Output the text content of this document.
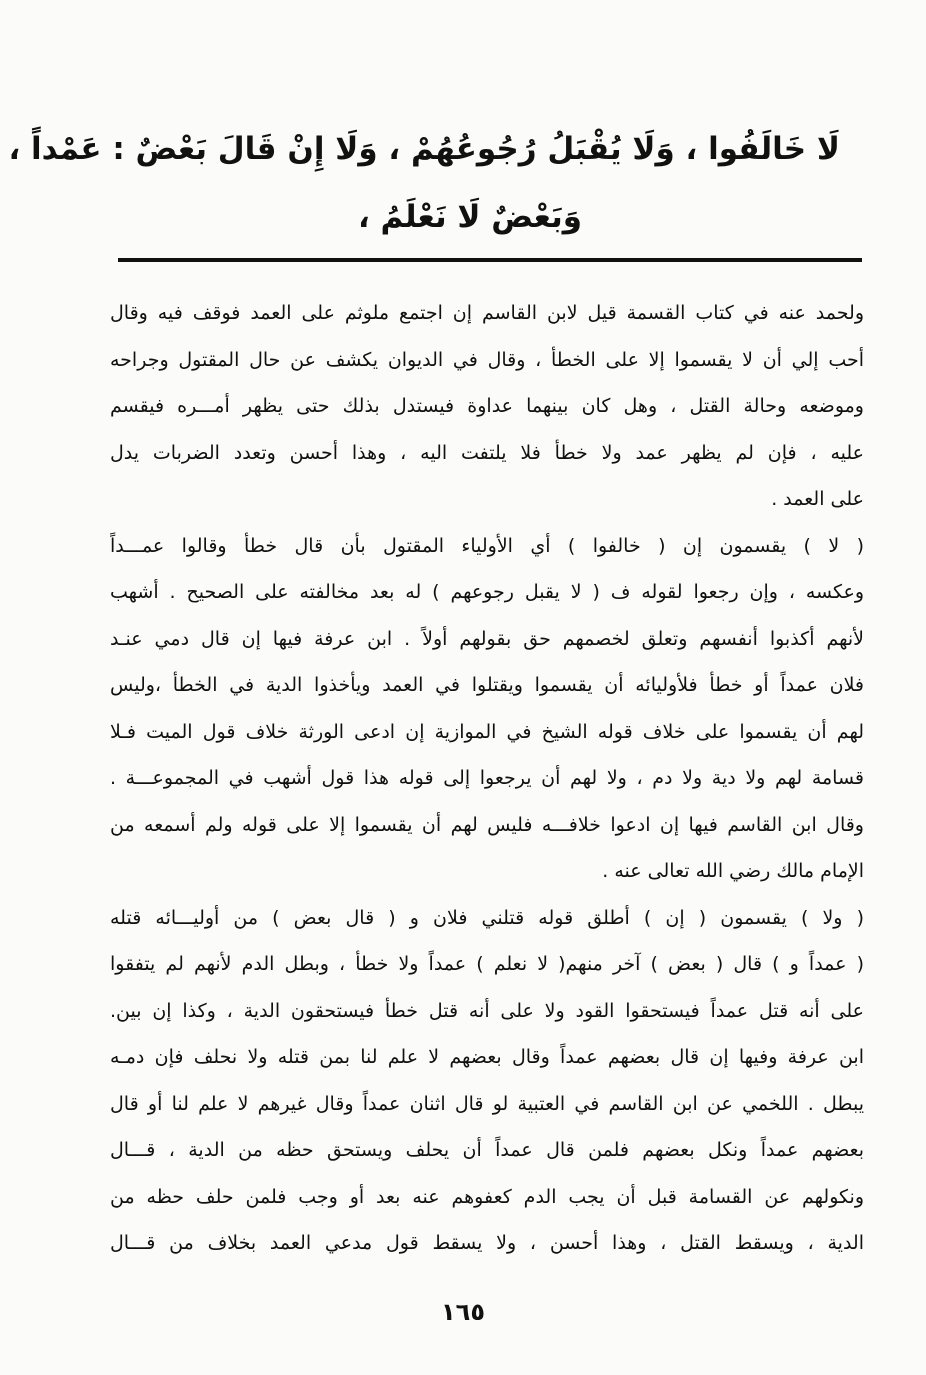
لَا خَالَفُوا ، وَلَا يُقْبَلُ رُجُوعُهُمْ ، وَلَا إِنْ قَالَ بَعْضٌ : عَمْداً ،
وَبَعْضٌ لَا نَعْلَمُ ،
ولحمد عنه في كتاب القسمة قيل لابن القاسم إن اجتمع ملوثم على العمد فوقف فيه وقال
أحب إلي أن لا يقسموا إلا على الخطأ ، وقال في الديوان يكشف عن حال المقتول وجراحه
وموضعه وحالة القتل ، وهل كان بينهما عداوة فيستدل بذلك حتى يظهر أمـــره فيقسم
عليه ، فإن لم يظهر عمد ولا خطأ فلا يلتفت اليه ، وهذا أحسن وتعدد الضربات يدل
على العمد .
( لا ) يقسمون إن ( خالفوا ) أي الأولياء المقتول بأن قال خطأ وقالوا عمـــداً
وعكسه ، وإن رجعوا لقوله ف ( لا يقبل رجوعهم ) له بعد مخالفته على الصحيح . أشهب
لأنهم أكذبوا أنفسهم وتعلق لخصمهم حق بقولهم أولاً . ابن عرفة فيها إن قال دمي عنـد
فلان عمداً أو خطأ فلأوليائه أن يقسموا ويقتلوا في العمد ويأخذوا الدية في الخطأ ،وليس
لهم أن يقسموا على خلاف قوله الشيخ في الموازية إن ادعى الورثة خلاف قول الميت فـلا
قسامة لهم ولا دية ولا دم ، ولا لهم أن يرجعوا إلى قوله هذا قول أشهب في المجموعـــة .
وقال ابن القاسم فيها إن ادعوا خلافـــه فليس لهم أن يقسموا إلا على قوله ولم أسمعه من
الإمام مالك رضي الله تعالى عنه .
( ولا ) يقسمون ( إن ) أطلق قوله قتلني فلان و ( قال بعض ) من أوليـــائه قتله
( عمداً و ) قال ( بعض ) آخر منهم( لا نعلم ) عمداً ولا خطأ ، وبطل الدم لأنهم لم يتفقوا
على أنه قتل عمداً فيستحقوا القود ولا على أنه قتل خطأ فيستحقون الدية ، وكذا إن بين.
ابن عرفة وفيها إن قال بعضهم عمداً وقال بعضهم لا علم لنا بمن قتله ولا نحلف فإن دمـه
يبطل . اللخمي عن ابن القاسم في العتبية لو قال اثنان عمداً وقال غيرهم لا علم لنا أو قال
بعضهم عمداً ونكل بعضهم فلمن قال عمداً أن يحلف ويستحق حظه من الدية ، قـــال
ونكولهم عن القسامة قبل أن يجب الدم كعفوهم عنه بعد أو وجب فلمن حلف حظه من
الدية ، ويسقط القتل ، وهذا أحسن ، ولا يسقط قول مدعي العمد بخلاف من قـــال
١٦٥
